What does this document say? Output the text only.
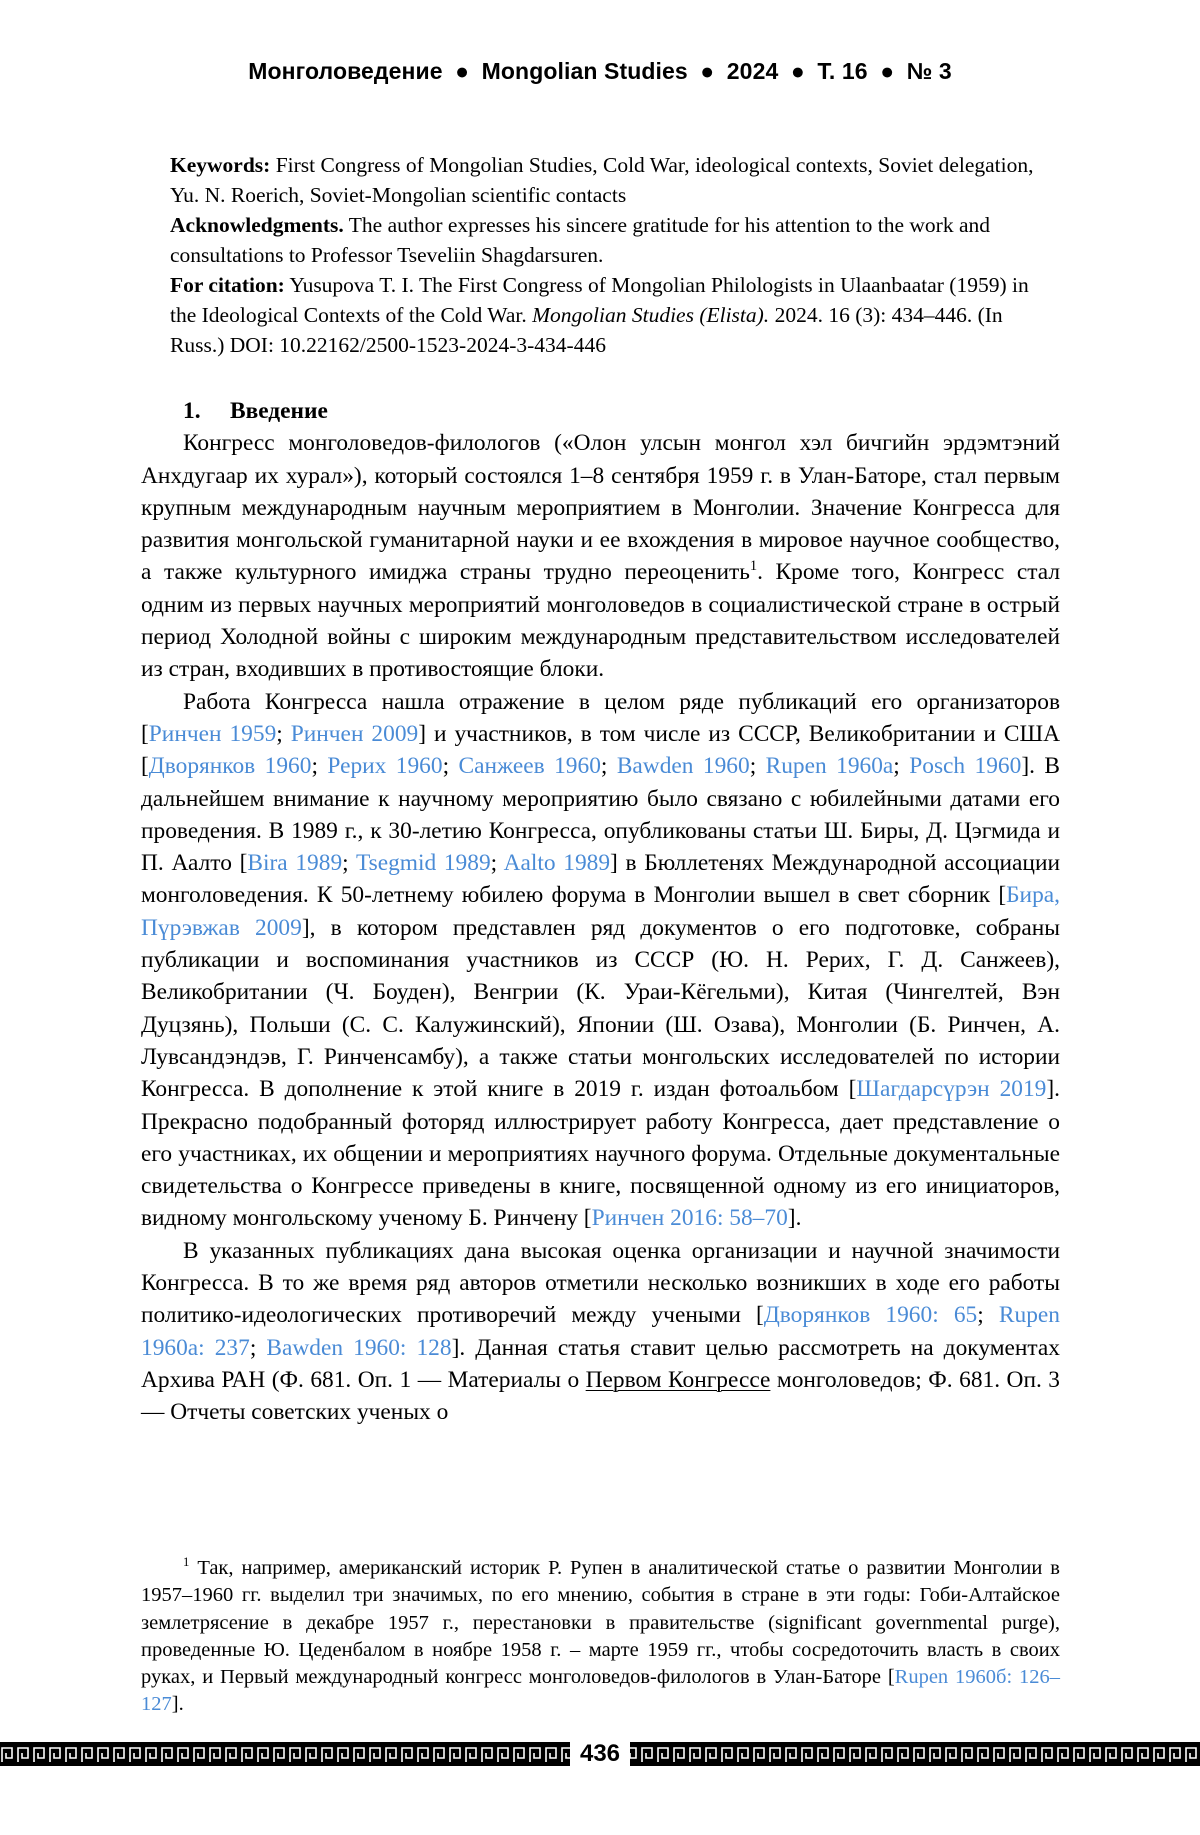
Монголоведение ● Mongolian Studies ● 2024 ● Т. 16 ● № 3

Keywords: First Congress of Mongolian Studies, Cold War, ideological contexts, Soviet delegation, Yu. N. Roerich, Soviet-Mongolian scientific contacts

Acknowledgments. The author expresses his sincere gratitude for his attention to the work and consultations to Professor Tseveliin Shagdarsuren.

For citation: Yusupova T. I. The First Congress of Mongolian Philologists in Ulaanbaatar (1959) in the Ideological Contexts of the Cold War. Mongolian Studies (Elista). 2024. 16 (3): 434–446. (In Russ.) DOI: 10.22162/2500-1523-2024-3-434-446

1. Введение

Конгресс монголоведов-филологов («Олон улсын монгол хэл бичгийн эрдэмтэний Анхдугаар их хурал»), который состоялся 1–8 сентября 1959 г. в Улан-Баторе, стал первым крупным международным научным мероприятием в Монголии. Значение Конгресса для развития монгольской гуманитарной науки и ее вхождения в мировое научное сообщество, а также культурного имиджа страны трудно переоценить$^1$. Кроме того, Конгресс стал одним из первых научных мероприятий монголоведов в социалистической стране в острый период Холодной войны с широким международным представительством исследователей из стран, входивших в противостоящие блоки.

Работа Конгресса нашла отражение в целом ряде публикаций его организаторов [Ринчен 1959; Ринчен 2009] и участников, в том числе из СССР, Великобритании и США [Дворянков 1960; Рерих 1960; Санжеев 1960; Bawden 1960; Rupen 1960a; Posch 1960]. В дальнейшем внимание к научному мероприятию было связано с юбилейными датами его проведения. В 1989 г., к 30-летию Конгресса, опубликованы статьи Ш. Биры, Д. Цэгмида и П. Аалто [Bira 1989; Tsegmid 1989; Aalto 1989] в Бюллетенях Международной ассоциации монголоведения. К 50-летнему юбилею форума в Монголии вышел в свет сборник [Бира, Пүрэвжав 2009], в котором представлен ряд документов о его подготовке, собраны публикации и воспоминания участников из СССР (Ю. Н. Рерих, Г. Д. Санжеев), Великобритании (Ч. Боуден), Венгрии (К. Ураи-Кёгельми), Китая (Чингелтей, Вэн Дуцзянь), Польши (С. С. Калужинский), Японии (Ш. Озава), Монголии (Б. Ринчен, А. Лувсандэндэв, Г. Ринченсамбу), а также статьи монгольских исследователей по истории Конгресса. В дополнение к этой книге в 2019 г. издан фотоальбом [Шагдарсүрэн 2019]. Прекрасно подобранный фоторяд иллюстрирует работу Конгресса, дает представление о его участниках, их общении и мероприятиях научного форума. Отдельные документальные свидетельства о Конгрессе приведены в книге, посвященной одному из его инициаторов, видному монгольскому ученому Б. Ринчену [Ринчен 2016: 58–70].

В указанных публикациях дана высокая оценка организации и научной значимости Конгресса. В то же время ряд авторов отметили несколько возникших в ходе его работы политико-идеологических противоречий между учеными [Дворянков 1960: 65; Rupen 1960a: 237; Bawden 1960: 128]. Данная статья ставит целью рассмотреть на документах Архива РАН (Ф. 681. Оп. 1 — Материалы о Первом Конгрессе монголоведов; Ф. 681. Оп. 3 — Отчеты советских ученых о

$^1$ Так, например, американский историк Р. Рупен в аналитической статье о развитии Монголии в 1957–1960 гг. выделил три значимых, по его мнению, события в стране в эти годы: Гоби-Алтайское землетрясение в декабре 1957 г., перестановки в правительстве (significant governmental purge), проведенные Ю. Цеденбалом в ноябре 1958 г. – марте 1959 гг., чтобы сосредоточить власть в своих руках, и Первый международный конгресс монголоведов-филологов в Улан-Баторе [Rupen 1960б: 126–127].

436
